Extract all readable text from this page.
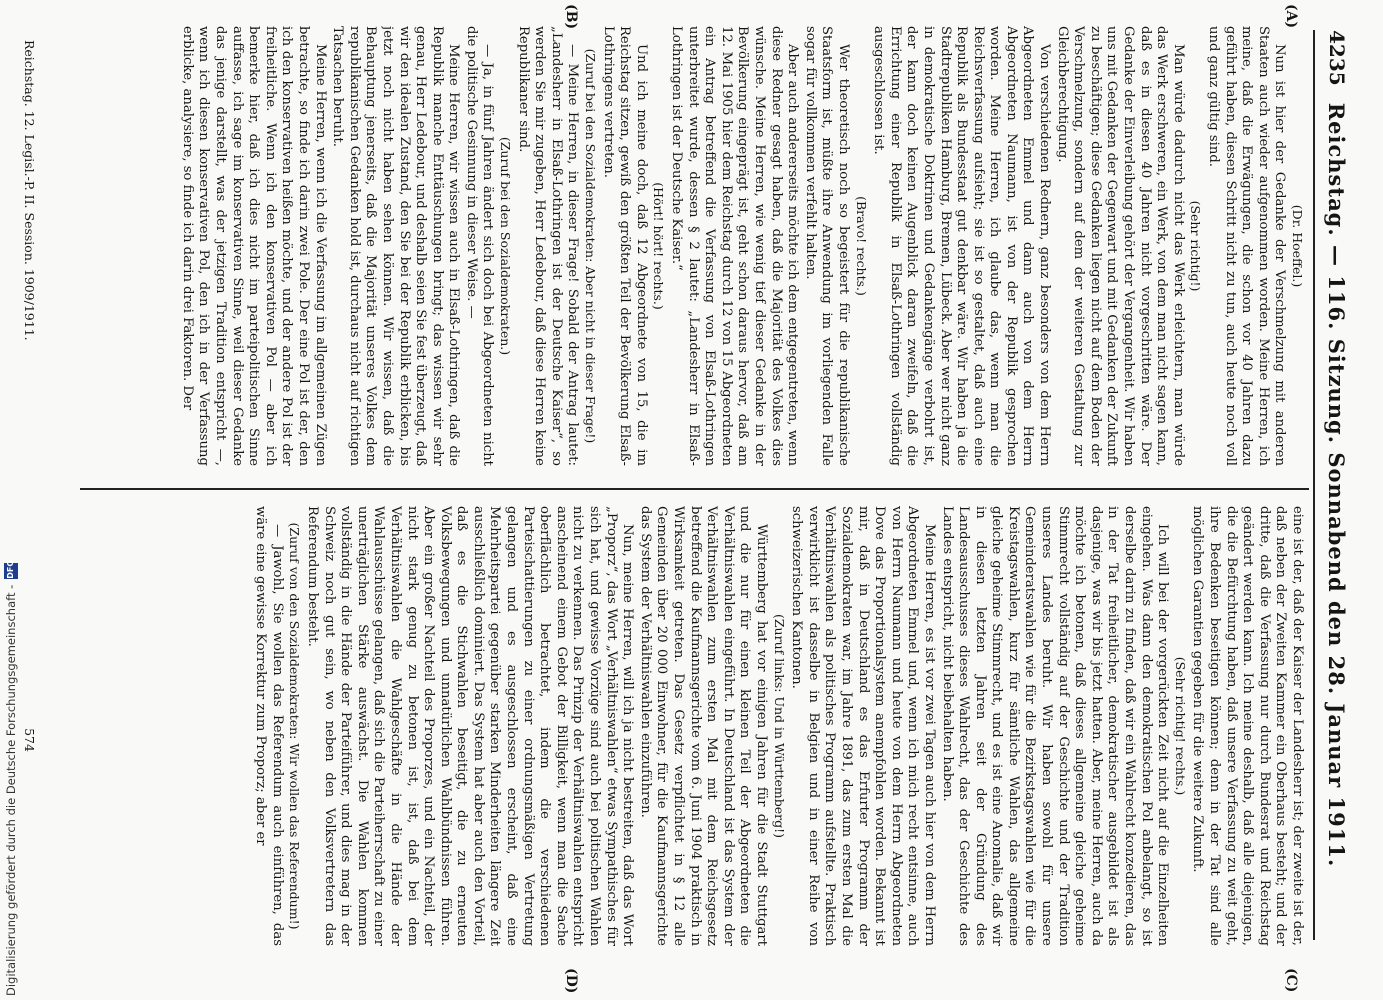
4235
Reichstag. — 116. Sitzung. Sonnabend den 28. Januar 1911.
(A)
(B)
(C)
(D)

(Dr. Hoeffel.)

Nun ist hier der Gedanke der Verschmelzung mit anderen Staaten auch wieder aufgenommen worden. Meine Herren, ich meine, daß die Erwägungen, die schon vor 40 Jahren dazu geführt haben, diesen Schritt nicht zu tun, auch heute noch voll und ganz gültig sind.

(Sehr richtig!)

Man würde dadurch nicht das Werk erleichtern, man würde das Werk erschweren, ein Werk, von dem man nicht sagen kann, daß es in diesen 40 Jahren nicht vorgeschritten wäre. Der Gedanke der Einverleibung gehört der Vergangenheit. Wir haben uns mit Gedanken der Gegenwart und mit Gedanken der Zukunft zu beschäftigen; diese Gedanken liegen nicht auf dem Boden der Verschmelzung, sondern auf dem der weiteren Gestaltung zur Gleichberechtigung.

Von verschiedenen Rednern, ganz besonders von dem Herrn Abgeordneten Emmel und dann auch von dem Herrn Abgeordneten Naumann, ist von der Republik gesprochen worden. Meine Herren, ich glaube das, wenn man die Reichsverfassung aufsieht; sie ist so gestaltet, daß auch eine Republik als Bundesstaat gut denkbar wäre. Wir haben ja die Stadtrepubliken Hamburg, Bremen, Lübeck. Aber wer nicht ganz in demokratische Doktrinen und Gedankengänge verbohrt ist, der kann doch keinen Augenblick daran zweifeln, daß die Errichtung einer Republik in Elsaß-Lothringen vollständig ausgeschlossen ist.

(Bravo! rechts.)

Wer theoretisch noch so begeistert für die republikanische Staatsform ist, müßte ihre Anwendung im vorliegenden Falle sogar für vollkommen verfehlt halten.

Aber auch andererseits möchte ich dem entgegentreten, wenn diese Redner gesagt haben, daß die Majorität des Volkes dies wünsche. Meine Herren, wie wenig tief dieser Gedanke in der Bevölkerung eingeprägt ist, geht schon daraus hervor, daß am 12. Mai 1905 hier dem Reichstag durch 12 von 15 Abgeordneten ein Antrag betreffend die Verfassung von Elsaß-Lothringen unterbreitet wurde, dessen § 2 lautet: „Landesherr in Elsaß-Lothringen ist der Deutsche Kaiser.“

(Hört! hört! rechts.)

Und ich meine doch, daß 12 Abgeordnete von 15, die im Reichstag sitzen, gewiß den größten Teil der Bevölkerung Elsaß-Lothringens vertreten.

(Zuruf bei den Sozialdemokraten: Aber nicht in dieser Frage!)

— Meine Herren, in dieser Frage! Sobald der Antrag lautet: „Landesherr in Elsaß-Lothringen ist der Deutsche Kaiser“, so werden Sie mir zugeben, Herr Ledebour, daß diese Herren keine Republikaner sind.

(Zuruf bei den Sozialdemokraten.)

— Ja, in fünf Jahren ändert sich doch bei Abgeordneten nicht die politische Gesinnung in dieser Weise. —

Meine Herren, wir wissen auch in Elsaß-Lothringen, daß die Republik manche Enttäuschungen bringt; das wissen wir sehr genau, Herr Ledebour, und deshalb seien Sie fest überzeugt, daß wir den idealen Zustand, den Sie bei der Republik erblicken, bis jetzt noch nicht haben sehen können. Wir wissen, daß die Behauptung jenerseits, daß die Majorität unseres Volkes dem republikanischen Gedanken hold ist, durchaus nicht auf richtigen Tatsachen beruht.

Meine Herren, wenn ich die Verfassung im allgemeinen Zügen betrachte, so finde ich darin zwei Pole. Der eine Pol ist der, den ich den konservativen heißen möchte, und der andere Pol ist der freiheitliche. Wenn ich den konservativen Pol — aber ich bemerke hier, daß ich dies nicht im parteipolitischen Sinne auffasse, ich sage im konservativen Sinne, weil dieser Gedanke das jenige darstellt, was der jetzigen Tradition entspricht —, wenn ich diesen konservativen Pol, den ich in der Verfassung erblicke, analysiere, so finde ich darin drei Faktoren. Der

eine ist der, daß der Kaiser der Landesherr ist; der zweite ist der, daß neben der Zweiten Kammer ein Oberhaus besteht; und der dritte, daß die Verfassung nur durch Bundesrat und Reichstag geändert werden kann. Ich meine deshalb, daß alle diejenigen, die die Befürchtung haben, daß unsere Verfassung zu weit geht, ihre Bedenken beseitigen können; denn in der Tat sind alle möglichen Garantien gegeben für die weitere Zukunft.

(Sehr richtig! rechts.)

Ich will bei der vorgerückten Zeit nicht auf die Einzelheiten eingehen. Was dann den demokratischen Pol anbelangt, so ist derselbe darin zu finden, daß wir ein Wahlrecht konzedieren, das in der Tat freiheitlicher, demokratischer ausgebildet ist als dasjenige, was wir bis jetzt hatten. Aber, meine Herren, auch da möchte ich betonen, daß dieses allgemeine gleiche geheime Stimmrecht vollständig auf der Geschichte und der Tradition unseres Landes beruht. Wir haben sowohl für unsere Gemeinderatswahlen wie für die Bezirkstagswahlen wie für die Kreistagswahlen, kurz für sämtliche Wahlen, das allgemeine gleiche geheime Stimmrecht, und es ist eine Anomalie, daß wir in diesen letzten Jahren seit der Gründung des Landesausschusses dieses Wahlrecht, das der Geschichte des Landes entspricht, nicht beibehalten haben.

Meine Herren, es ist vor zwei Tagen auch hier von dem Herrn Abgeordneten Emmel und, wenn ich mich recht entsinne, auch von Herrn Naumann und heute von dem Herrn Abgeordneten Dove das Proportionalsystem anempfohlen worden. Bekannt ist mir, daß in Deutschland es das Erfurter Programm der Sozialdemokraten war, im Jahre 1891, das zum ersten Mal die Verhältniswahlen als politisches Programm aufstellte. Praktisch verwirklicht ist dasselbe in Belgien und in einer Reihe von schweizerischen Kantonen.

(Zuruf links: Und in Württemberg!)

Württemberg hat vor einigen Jahren für die Stadt Stuttgart und die nur für einen kleinen Teil der Abgeordneten die Verhältniswahlen eingeführt. In Deutschland ist das System der Verhältniswahlen zum ersten Mal mit dem Reichsgesetz betreffend die Kaufmannsgerichte vom 6. Juni 1904 praktisch in Wirksamkeit getreten. Das Gesetz verpflichtet in § 12 alle Gemeinden über 20 000 Einwohner, für die Kaufmannsgerichte das System der Verhältniswahlen einzuführen.

Nun, meine Herren, will ich ja nicht bestreiten, daß das Wort „Proporz“, das Wort „Verhältniswahlen“ etwas Sympathisches für sich hat, und gewisse Vorzüge sind auch bei politischen Wahlen nicht zu verkennen. Das Prinzip der Verhältniswahlen entspricht anscheinend einem Gebot der Billigkeit, wenn man die Sache oberflächlich betrachtet, indem die verschiedenen Parteischattierungen zu einer ordnungsmäßigen Vertretung gelangen und es ausgeschlossen erscheint, daß eine Mehrheitspartei gegenüber starken Minderheiten längere Zeit ausschließlich dominiert. Das System hat aber auch den Vorteil, daß es die Stichwahlen beseitigt, die zu erneuten Volksbewegungen und unnatürlichen Wahlbündnissen führen. Aber ein großer Nachteil des Proporzes, und ein Nachteil, der nicht stark genug zu betonen ist, ist, daß bei dem Verhältniswahlen die Wahlgeschäfte in die Hände der Wahlausschüsse gelangen, daß sich die Parteiherrschaft zu einer unerträglichen Stärke auswächst. Die Wahlen kommen vollständig in die Hände der Parteiführer, und dies mag in der Schweiz noch gut sein, wo neben den Volksvertretern das Referendum besteht.

(Zuruf von den Sozialdemokraten: Wir wollen das Referendum!)

— Jawohl, Sie wollen das Referendum auch einführen, das wäre eine gewisse Korrektur zum Proporz; aber er

Reichstag. 12. Legisl.-P. II. Session. 1909/1911.
574
Digitalisierung gefördert durch die Deutsche Forschungsgemeinschaft -
DFG
